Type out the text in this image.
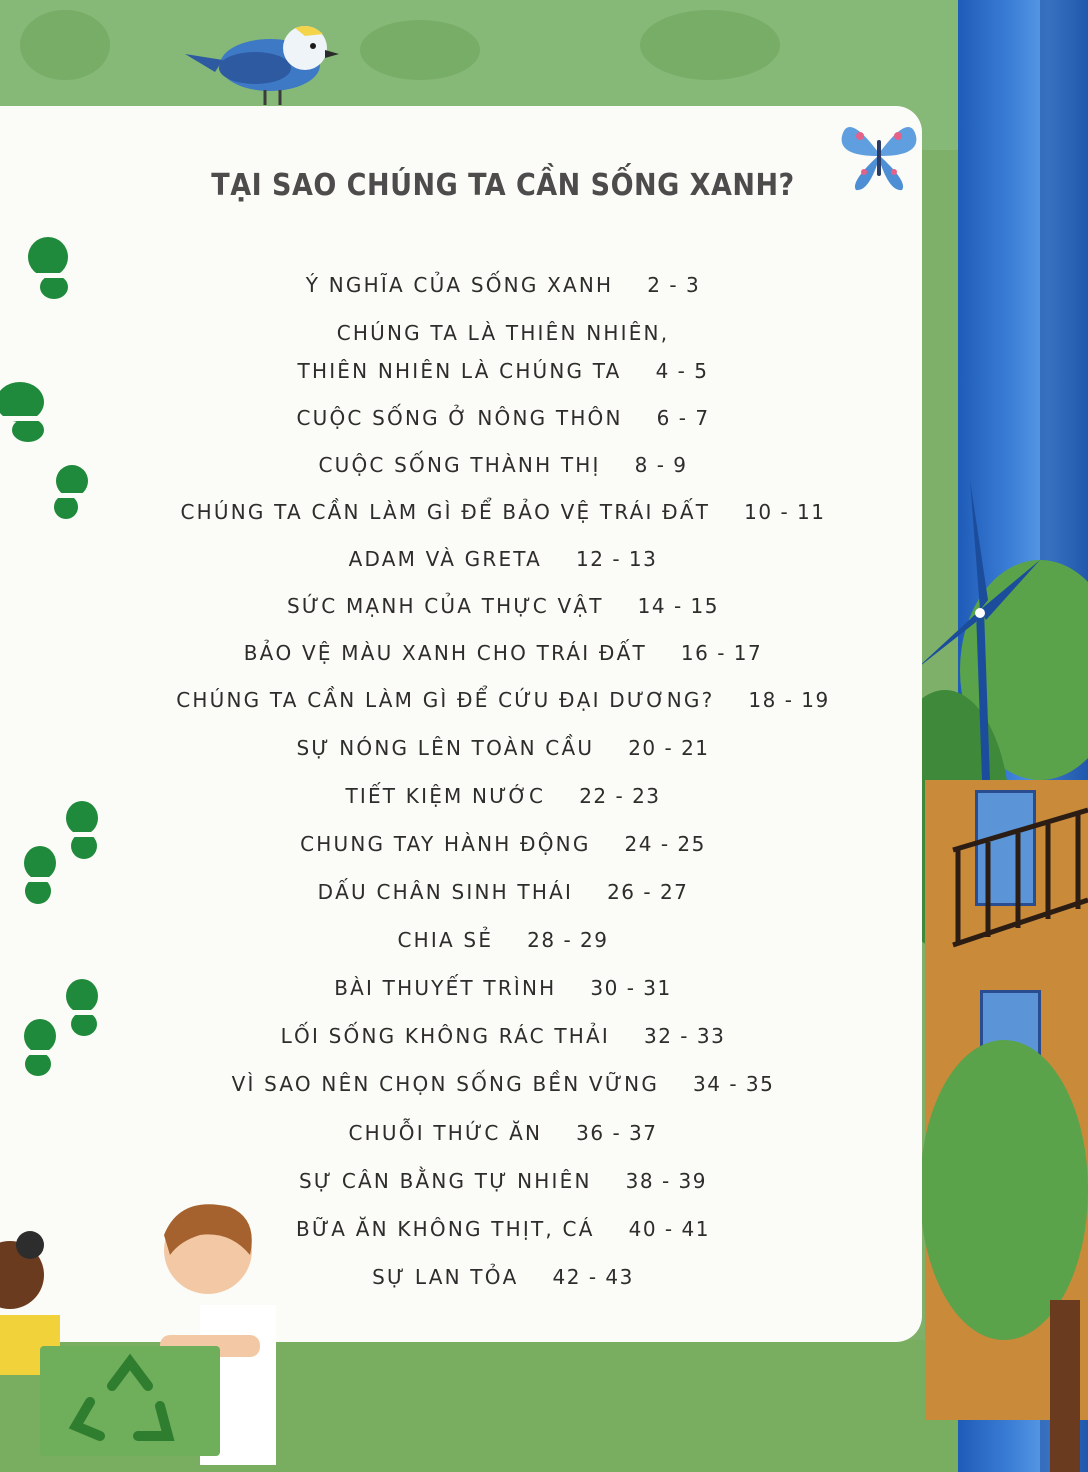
TẠI SAO CHÚNG TA CẦN SỐNG XANH?
Ý NGHĨA CỦA SỐNG XANH 2 - 3
CHÚNG TA LÀ THIÊN NHIÊN,
THIÊN NHIÊN LÀ CHÚNG TA 4 - 5
CUỘC SỐNG Ở NÔNG THÔN 6 - 7
CUỘC SỐNG THÀNH THỊ 8 - 9
CHÚNG TA CẦN LÀM GÌ ĐỂ BẢO VỆ TRÁI ĐẤT 10 - 11
ADAM VÀ GRETA 12 - 13
SỨC MẠNH CỦA THỰC VẬT 14 - 15
BẢO VỆ MÀU XANH CHO TRÁI ĐẤT 16 - 17
CHÚNG TA CẦN LÀM GÌ ĐỂ CỨU ĐẠI DƯƠNG? 18 - 19
SỰ NÓNG LÊN TOÀN CẦU 20 - 21
TIẾT KIỆM NƯỚC 22 - 23
CHUNG TAY HÀNH ĐỘNG 24 - 25
DẤU CHÂN SINH THÁI 26 - 27
CHIA SẺ 28 - 29
BÀI THUYẾT TRÌNH 30 - 31
LỐI SỐNG KHÔNG RÁC THẢI 32 - 33
VÌ SAO NÊN CHỌN SỐNG BỀN VỮNG 34 - 35
CHUỖI THỨC ĂN 36 - 37
SỰ CÂN BẰNG TỰ NHIÊN 38 - 39
BỮA ĂN KHÔNG THỊT, CÁ 40 - 41
SỰ LAN TỎA 42 - 43
